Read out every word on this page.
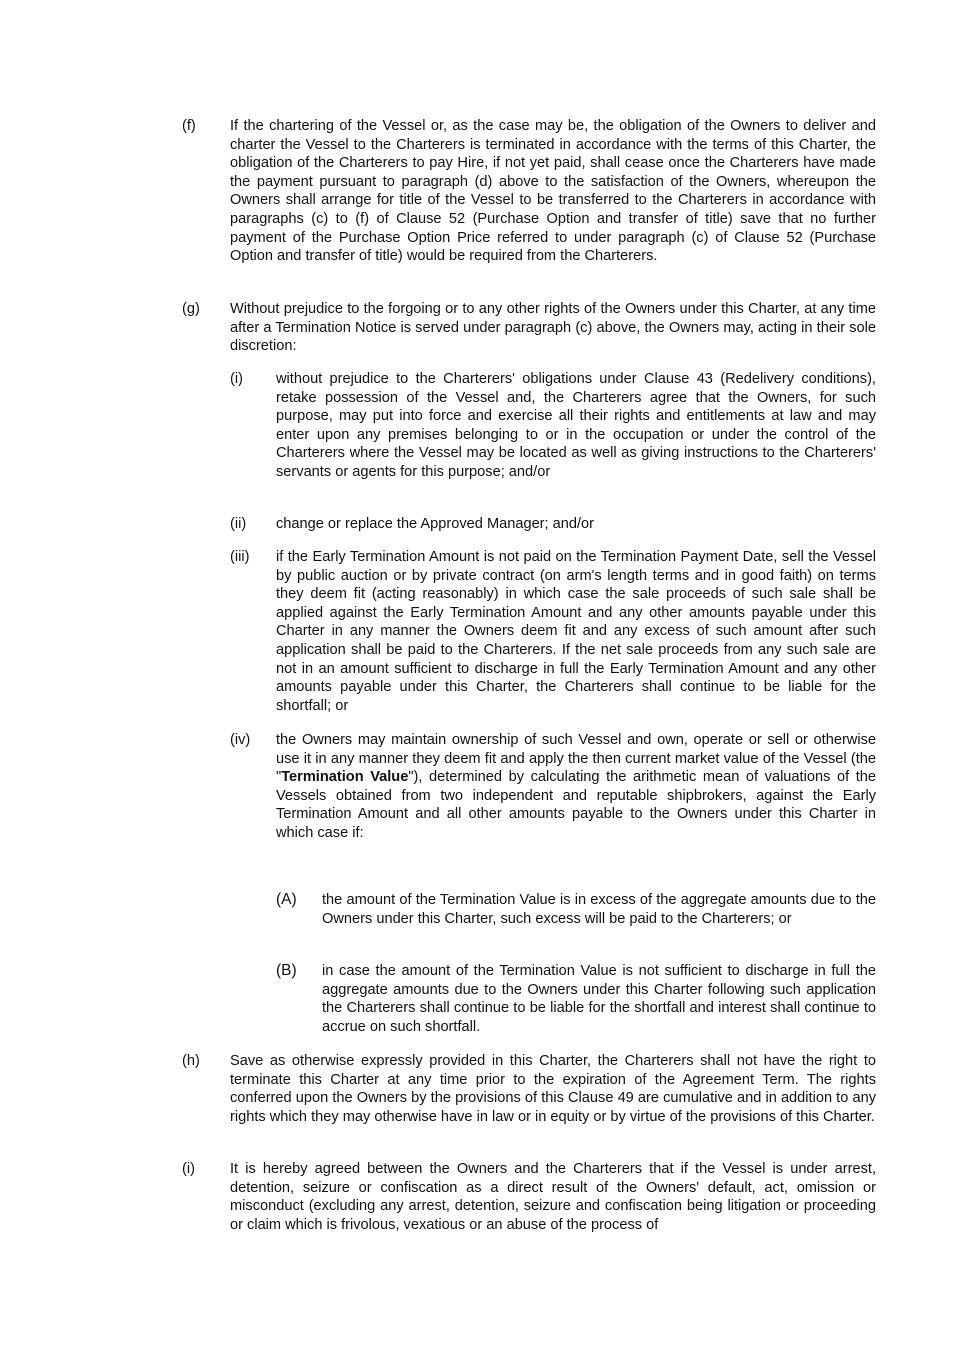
(f) If the chartering of the Vessel or, as the case may be, the obligation of the Owners to deliver and charter the Vessel to the Charterers is terminated in accordance with the terms of this Charter, the obligation of the Charterers to pay Hire, if not yet paid, shall cease once the Charterers have made the payment pursuant to paragraph (d) above to the satisfaction of the Owners, whereupon the Owners shall arrange for title of the Vessel to be transferred to the Charterers in accordance with paragraphs (c) to (f) of Clause 52 (Purchase Option and transfer of title) save that no further payment of the Purchase Option Price referred to under paragraph (c) of Clause 52 (Purchase Option and transfer of title) would be required from the Charterers.
(g) Without prejudice to the forgoing or to any other rights of the Owners under this Charter, at any time after a Termination Notice is served under paragraph (c) above, the Owners may, acting in their sole discretion:
(i) without prejudice to the Charterers' obligations under Clause 43 (Redelivery conditions), retake possession of the Vessel and, the Charterers agree that the Owners, for such purpose, may put into force and exercise all their rights and entitlements at law and may enter upon any premises belonging to or in the occupation or under the control of the Charterers where the Vessel may be located as well as giving instructions to the Charterers' servants or agents for this purpose; and/or
(ii) change or replace the Approved Manager; and/or
(iii) if the Early Termination Amount is not paid on the Termination Payment Date, sell the Vessel by public auction or by private contract (on arm's length terms and in good faith) on terms they deem fit (acting reasonably) in which case the sale proceeds of such sale shall be applied against the Early Termination Amount and any other amounts payable under this Charter in any manner the Owners deem fit and any excess of such amount after such application shall be paid to the Charterers. If the net sale proceeds from any such sale are not in an amount sufficient to discharge in full the Early Termination Amount and any other amounts payable under this Charter, the Charterers shall continue to be liable for the shortfall; or
(iv) the Owners may maintain ownership of such Vessel and own, operate or sell or otherwise use it in any manner they deem fit and apply the then current market value of the Vessel (the "Termination Value"), determined by calculating the arithmetic mean of valuations of the Vessels obtained from two independent and reputable shipbrokers, against the Early Termination Amount and all other amounts payable to the Owners under this Charter in which case if:
(A) the amount of the Termination Value is in excess of the aggregate amounts due to the Owners under this Charter, such excess will be paid to the Charterers; or
(B) in case the amount of the Termination Value is not sufficient to discharge in full the aggregate amounts due to the Owners under this Charter following such application the Charterers shall continue to be liable for the shortfall and interest shall continue to accrue on such shortfall.
(h) Save as otherwise expressly provided in this Charter, the Charterers shall not have the right to terminate this Charter at any time prior to the expiration of the Agreement Term. The rights conferred upon the Owners by the provisions of this Clause 49 are cumulative and in addition to any rights which they may otherwise have in law or in equity or by virtue of the provisions of this Charter.
(i) It is hereby agreed between the Owners and the Charterers that if the Vessel is under arrest, detention, seizure or confiscation as a direct result of the Owners' default, act, omission or misconduct (excluding any arrest, detention, seizure and confiscation being litigation or proceeding or claim which is frivolous, vexatious or an abuse of the process of
